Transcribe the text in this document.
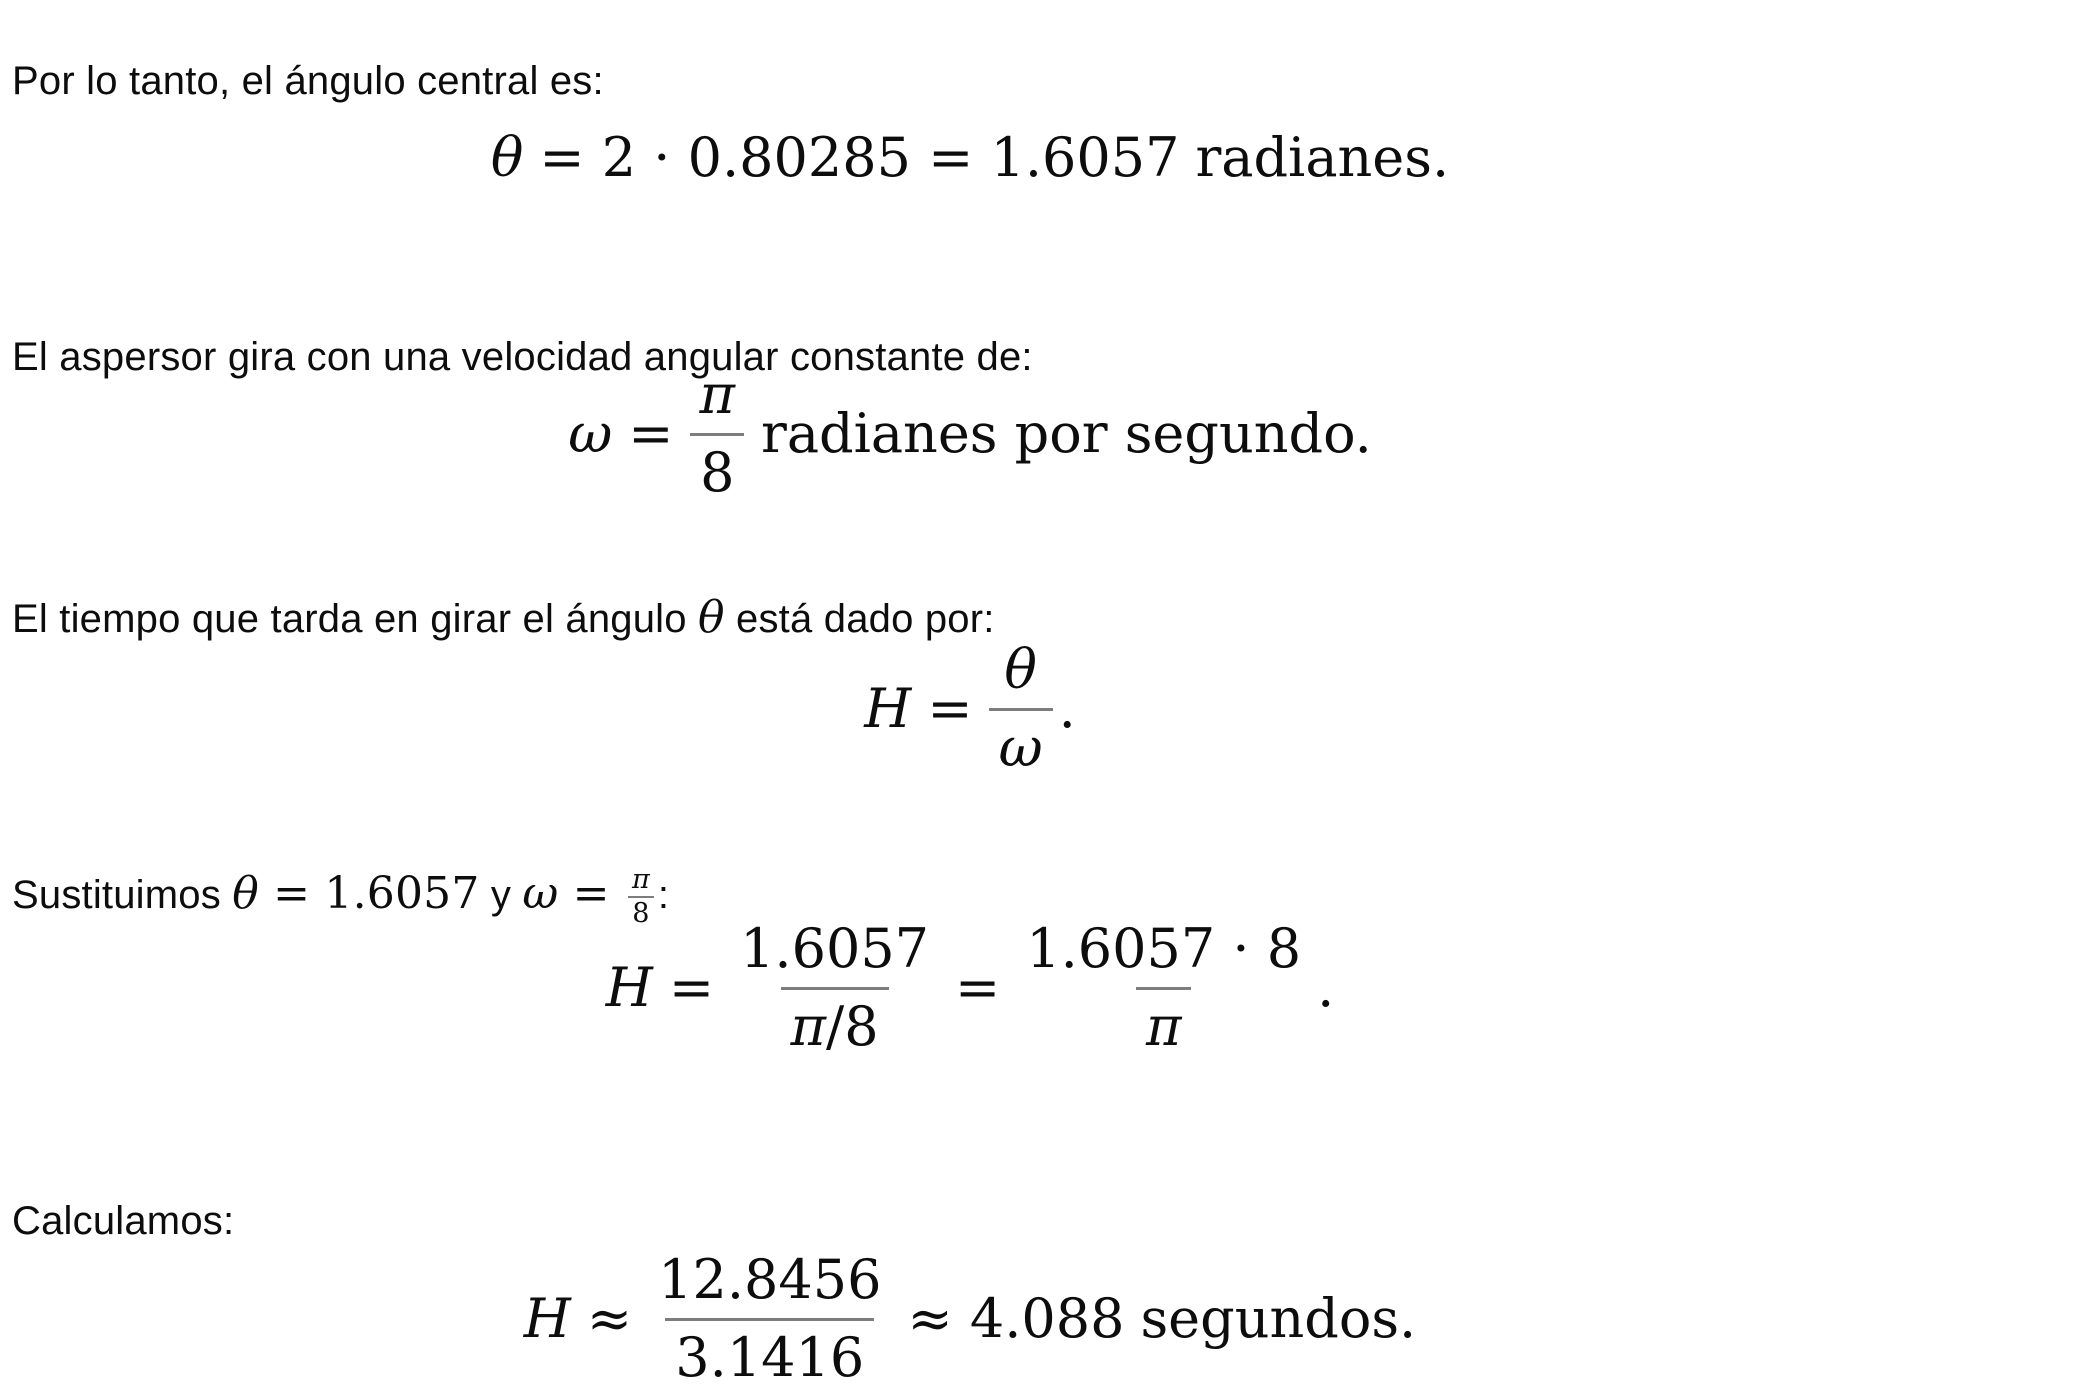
Por lo tanto, el ángulo central es:

θ = 2 · 0.80285 = 1.6057 radianes.

El aspersor gira con una velocidad angular constante de:

$\omega = \frac{\pi}{8}$ radianes por segundo.

El tiempo que tarda en girar el ángulo θ está dado por:

$H = \frac{\theta}{\omega}$ .

Sustituimos θ = 1.6057 y $\omega = \frac{\pi}{8}$ :

$H = \frac{1.6057}{\pi/8} = \frac{1.6057 \cdot 8}{\pi}$ .

Calculamos:

$H \approx \frac{12.8456}{3.1416} \approx 4.088$ segundos.
